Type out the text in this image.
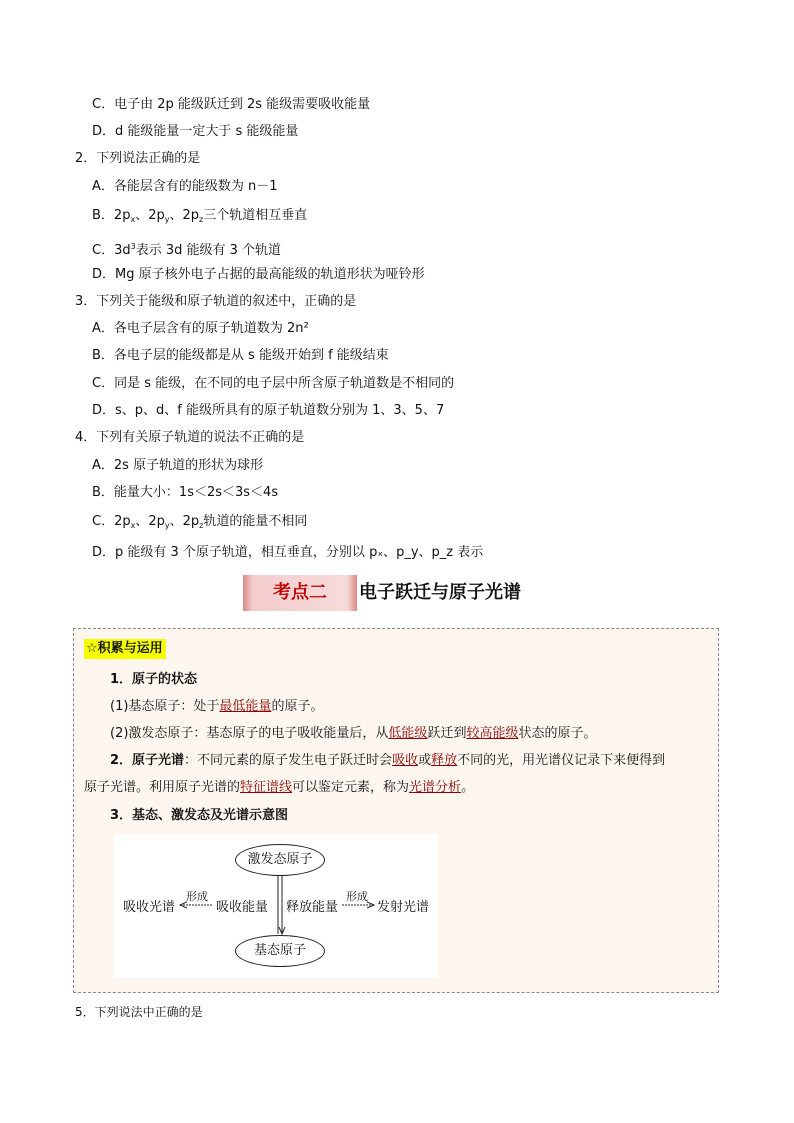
C．电子由 2p 能级跃迁到 2s 能级需要吸收能量
D．d 能级能量一定大于 s 能级能量
2．下列说法正确的是
A．各能层含有的能级数为 n－1
B．$2p_x$、$2p_y$、$2p_z$三个轨道相互垂直
C．$3d^3$表示 3d 能级有 3 个轨道
D．Mg 原子核外电子占据的最高能级的轨道形状为哑铃形
3．下列关于能级和原子轨道的叙述中，正确的是
A．各电子层含有的原子轨道数为 2n²
B．各电子层的能级都是从 s 能级开始到 f 能级结束
C．同是 s 能级，在不同的电子层中所含原子轨道数是不相同的
D．s、p、d、f 能级所具有的原子轨道数分别为 1、3、5、7
4．下列有关原子轨道的说法不正确的是
A．2s 原子轨道的形状为球形
B．能量大小：1s＜2s＜3s＜4s
C．$2p_x$、$2p_y$、$2p_z$轨道的能量不相同
D．p 能级有 3 个原子轨道，相互垂直，分别以 pₓ、p_y、p_z 表示
考点二	电子跃迁与原子光谱
☆积累与运用
1．原子的状态
(1)基态原子：处于最低能量的原子。
(2)激发态原子：基态原子的电子吸收能量后，从低能级跃迁到较高能级状态的原子。
2．原子光谱：不同元素的原子发生电子跃迁时会吸收或释放不同的光，用光谱仪记录下来便得到
原子光谱。利用原子光谱的特征谱线可以鉴定元素，称为光谱分析。
3．基态、激发态及光谱示意图
激发态原子
基态原子
吸收光谱
形成
吸收能量 释放能量
形成
发射光谱
5．下列说法中正确的是
